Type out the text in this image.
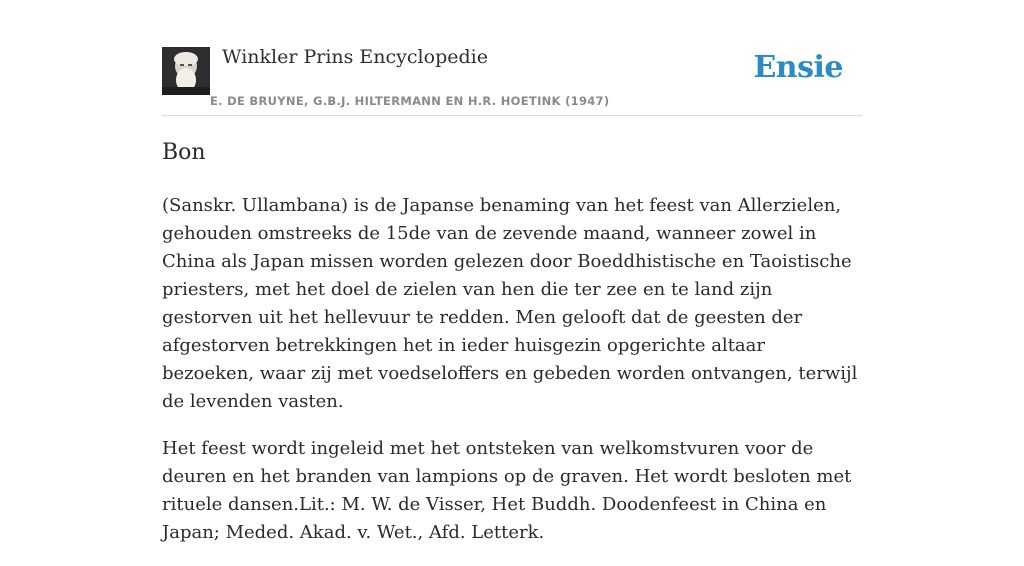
Winkler Prins Encyclopedie
E. DE BRUYNE, G.B.J. HILTERMANN EN H.R. HOETINK (1947)
Ensie
Bon

(Sanskr. Ullambana) is de Japanse benaming van het feest van Allerzielen, gehouden omstreeks de 15de van de zevende maand, wanneer zowel in China als Japan missen worden gelezen door Boeddhistische en Taoistische priesters, met het doel de zielen van hen die ter zee en te land zijn gestorven uit het hellevuur te redden. Men gelooft dat de geesten der afgestorven betrekkingen het in ieder huisgezin opgerichte altaar bezoeken, waar zij met voedseloffers en gebeden worden ontvangen, terwijl de levenden vasten.

Het feest wordt ingeleid met het ontsteken van welkomstvuren voor de deuren en het branden van lampions op de graven. Het wordt besloten met rituele dansen.Lit.: M. W. de Visser, Het Buddh. Doodenfeest in China en Japan; Meded. Akad. v. Wet., Afd. Letterk.
